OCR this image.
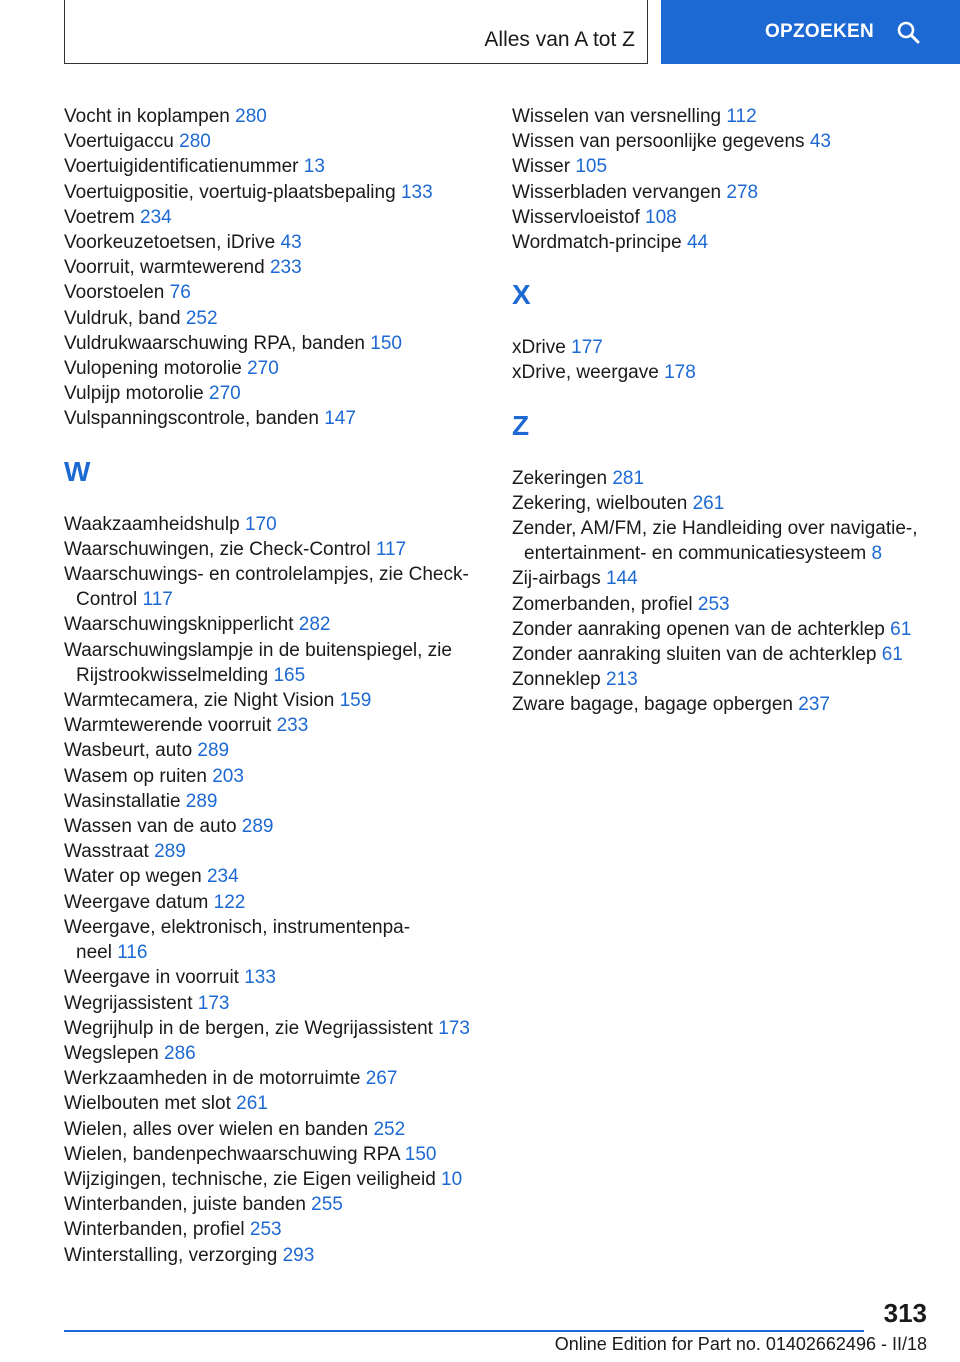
Alles van A tot Z	OPZOEKEN
Vocht in koplampen 280
Voertuigaccu 280
Voertuigidentificatienummer 13
Voertuigpositie, voertuig-plaatsbepaling 133
Voetrem 234
Voorkeuzetoetsen, iDrive 43
Voorruit, warmtewerend 233
Voorstoelen 76
Vuldruk, band 252
Vuldrukwaarschuwing RPA, banden 150
Vulopening motorolie 270
Vulpijp motorolie 270
Vulspanningscontrole, banden 147
W
Waakzaamheidshulp 170
Waarschuwingen, zie Check-Control 117
Waarschuwings- en controlelampjes, zie Check-
Control 117
Waarschuwingsknipperlicht 282
Waarschuwingslampje in de buitenspiegel, zie
Rijstrookwisselmelding 165
Warmtecamera, zie Night Vision 159
Warmtewerende voorruit 233
Wasbeurt, auto 289
Wasem op ruiten 203
Wasinstallatie 289
Wassen van de auto 289
Wasstraat 289
Water op wegen 234
Weergave datum 122
Weergave, elektronisch, instrumentenpa-
neel 116
Weergave in voorruit 133
Wegrijassistent 173
Wegrijhulp in de bergen, zie Wegrijassistent 173
Wegslepen 286
Werkzaamheden in de motorruimte 267
Wielbouten met slot 261
Wielen, alles over wielen en banden 252
Wielen, bandenpechwaarschuwing RPA 150
Wijzigingen, technische, zie Eigen veiligheid 10
Winterbanden, juiste banden 255
Winterbanden, profiel 253
Winterstalling, verzorging 293
Wisselen van versnelling 112
Wissen van persoonlijke gegevens 43
Wisser 105
Wisserbladen vervangen 278
Wisservloeistof 108
Wordmatch-principe 44
X
xDrive 177
xDrive, weergave 178
Z
Zekeringen 281
Zekering, wielbouten 261
Zender, AM/FM, zie Handleiding over navigatie-,
entertainment- en communicatiesysteem 8
Zij-airbags 144
Zomerbanden, profiel 253
Zonder aanraking openen van de achterklep 61
Zonder aanraking sluiten van de achterklep 61
Zonneklep 213
Zware bagage, bagage opbergen 237
313
Online Edition for Part no. 01402662496 - II/18
